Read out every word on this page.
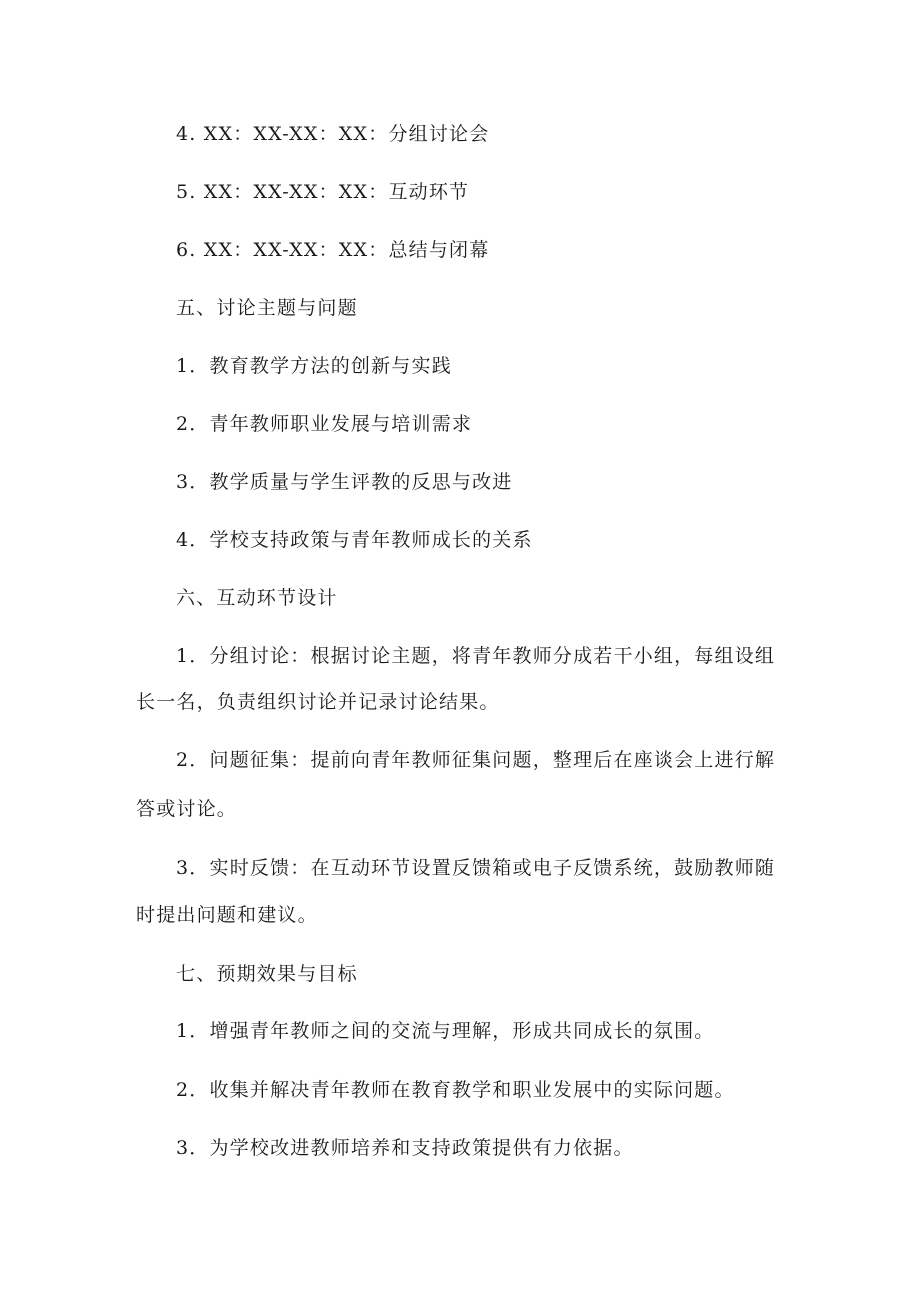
4. XX：XX-XX：XX：分组讨论会
5. XX：XX-XX：XX：互动环节
6. XX：XX-XX：XX：总结与闭幕
五、讨论主题与问题
1．教育教学方法的创新与实践
2．青年教师职业发展与培训需求
3．教学质量与学生评教的反思与改进
4．学校支持政策与青年教师成长的关系
六、互动环节设计
1．分组讨论：根据讨论主题，将青年教师分成若干小组，每组设组
长一名，负责组织讨论并记录讨论结果。
2．问题征集：提前向青年教师征集问题，整理后在座谈会上进行解
答或讨论。
3．实时反馈：在互动环节设置反馈箱或电子反馈系统，鼓励教师随
时提出问题和建议。
七、预期效果与目标
1．增强青年教师之间的交流与理解，形成共同成长的氛围。
2．收集并解决青年教师在教育教学和职业发展中的实际问题。
3．为学校改进教师培养和支持政策提供有力依据。
